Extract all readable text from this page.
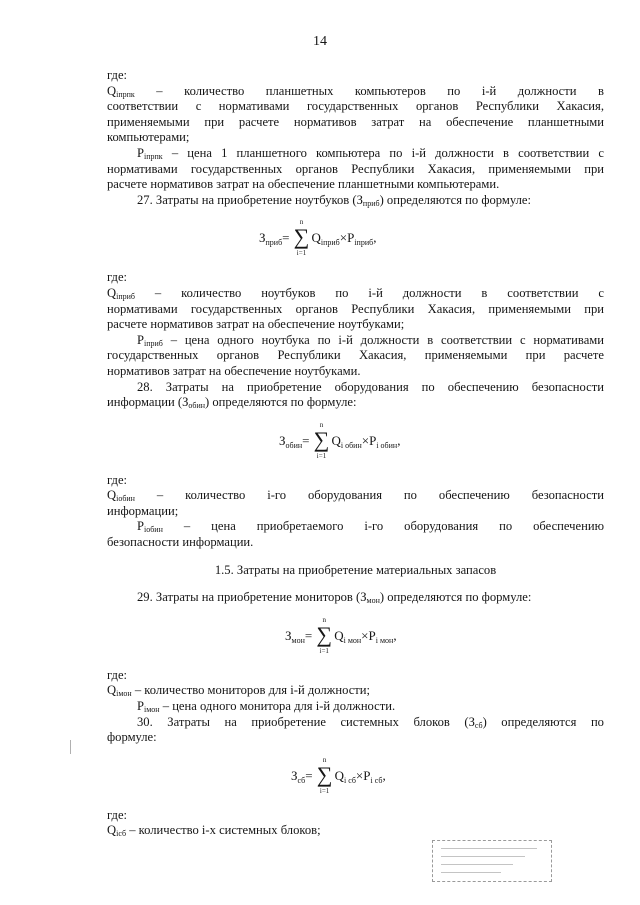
14

где:

$Q_{iпрпк}$ – количество планшетных компьютеров по i-й должности в

соответствии с нормативами государственных органов Республики Хакасия,

применяемыми при расчете нормативов затрат на обеспечение планшетными

компьютерами;

$P_{iпрпк}$ – цена 1 планшетного компьютера по i-й должности в соответствии с

нормативами государственных органов Республики Хакасия, применяемыми при

расчете нормативов затрат на обеспечение планшетными компьютерами.

27. Затраты на приобретение ноутбуков $(З_{приб})$ определяются по формуле:

$З_{приб}=$
n
∑
i=1
$Q_{iприб}\times P_{iприб}$,

где:

$Q_{iприб}$ – количество ноутбуков по i-й должности в соответствии с

нормативами государственных органов Республики Хакасия, применяемыми при

расчете нормативов затрат на обеспечение ноутбуками;

$P_{iприб}$ – цена одного ноутбука по i-й должности в соответствии с нормативами

государственных органов Республики Хакасия, применяемыми при расчете

нормативов затрат на обеспечение ноутбуками.

28. Затраты на приобретение оборудования по обеспечению безопасности

информации $(З_{обин})$ определяются по формуле:

$З_{обин}=$
n
∑
i=1
$Q_{i обин}\times P_{i обин}$,

где:

$Q_{iобин}$ – количество i-го оборудования по обеспечению безопасности

информации;

$P_{iобин}$ – цена приобретаемого i-го оборудования по обеспечению

безопасности информации.

1.5. Затраты на приобретение материальных запасов

29. Затраты на приобретение мониторов $(З_{мон})$ определяются по формуле:

$З_{мон}=$
n
∑
i=1
$Q_{i мон}\times P_{i мон}$,

где:

$Q_{iмон}$ – количество мониторов для i-й должности;

$P_{iмон}$ – цена одного монитора для i-й должности.

30. Затраты на приобретение системных блоков $(З_{сб})$ определяются по

формуле:

$З_{сб}=$
n
∑
i=1
$Q_{i сб}\times P_{i сб}$,

где:

$Q_{iсб}$ – количество i-х системных блоков;
